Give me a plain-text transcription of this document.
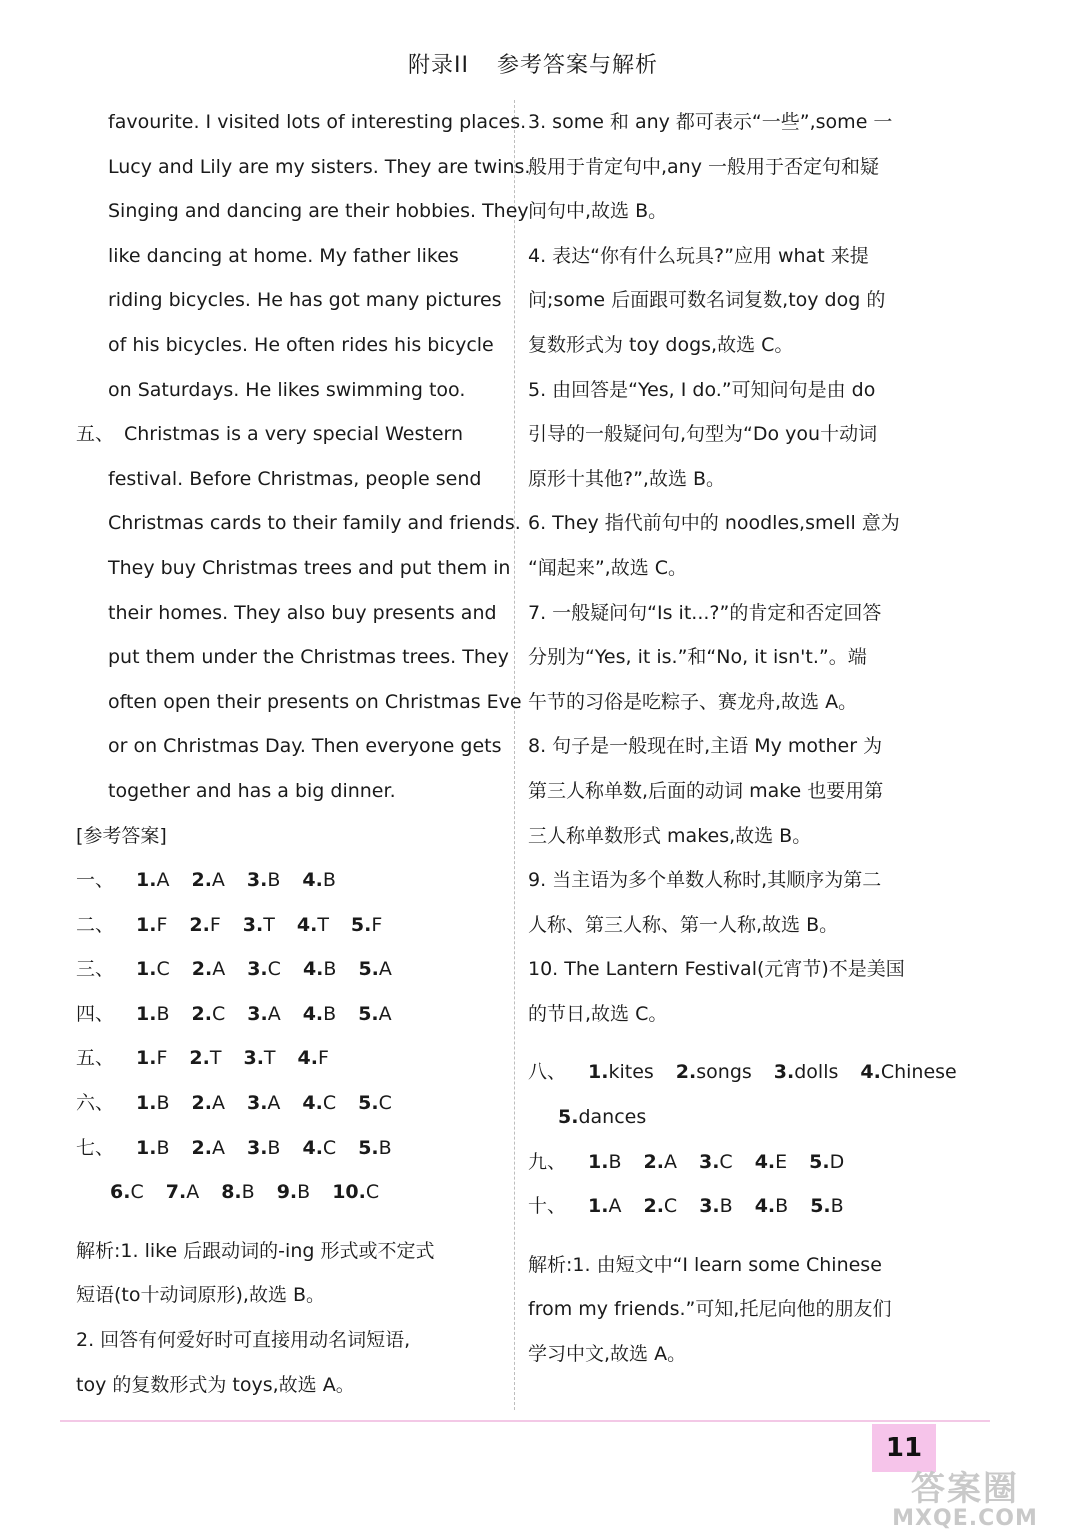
附录II 参考答案与解析
favourite. I visited lots of interesting places.
Lucy and Lily are my sisters. They are twins.
Singing and dancing are their hobbies. They
like dancing at home. My father likes
riding bicycles. He has got many pictures
of his bicycles. He often rides his bicycle
on Saturdays. He likes swimming too.
五、 Christmas is a very special Western
festival. Before Christmas, people send
Christmas cards to their family and friends.
They buy Christmas trees and put them in
their homes. They also buy presents and
put them under the Christmas trees. They
often open their presents on Christmas Eve
or on Christmas Day. Then everyone gets
together and has a big dinner.
[参考答案]
一、 1.A 2.A 3.B 4.B
二、 1.F 2.F 3.T 4.T 5.F
三、 1.C 2.A 3.C 4.B 5.A
四、 1.B 2.C 3.A 4.B 5.A
五、 1.F 2.T 3.T 4.F
六、 1.B 2.A 3.A 4.C 5.C
七、 1.B 2.A 3.B 4.C 5.B
6.C 7.A 8.B 9.B 10.C
解析:1. like 后跟动词的-ing 形式或不定式
短语(to十动词原形),故选 B。
2. 回答有何爱好时可直接用动名词短语,
toy 的复数形式为 toys,故选 A。
3. some 和 any 都可表示“一些”,some 一
般用于肯定句中,any 一般用于否定句和疑
问句中,故选 B。
4. 表达“你有什么玩具?”应用 what 来提
问;some 后面跟可数名词复数,toy dog 的
复数形式为 toy dogs,故选 C。
5. 由回答是“Yes, I do.”可知问句是由 do
引导的一般疑问句,句型为“Do you十动词
原形十其他?”,故选 B。
6. They 指代前句中的 noodles,smell 意为
“闻起来”,故选 C。
7. 一般疑问句“Is it...?”的肯定和否定回答
分别为“Yes, it is.”和“No, it isn't.”。端
午节的习俗是吃粽子、赛龙舟,故选 A。
8. 句子是一般现在时,主语 My mother 为
第三人称单数,后面的动词 make 也要用第
三人称单数形式 makes,故选 B。
9. 当主语为多个单数人称时,其顺序为第二
人称、第三人称、第一人称,故选 B。
10. The Lantern Festival(元宵节)不是美国
的节日,故选 C。
八、 1.kites 2.songs 3.dolls 4.Chinese
5.dances
九、 1.B 2.A 3.C 4.E 5.D
十、 1.A 2.C 3.B 4.B 5.B
解析:1. 由短文中“I learn some Chinese
from my friends.”可知,托尼向他的朋友们
学习中文,故选 A。
11
答案圈
MXQE.COM
